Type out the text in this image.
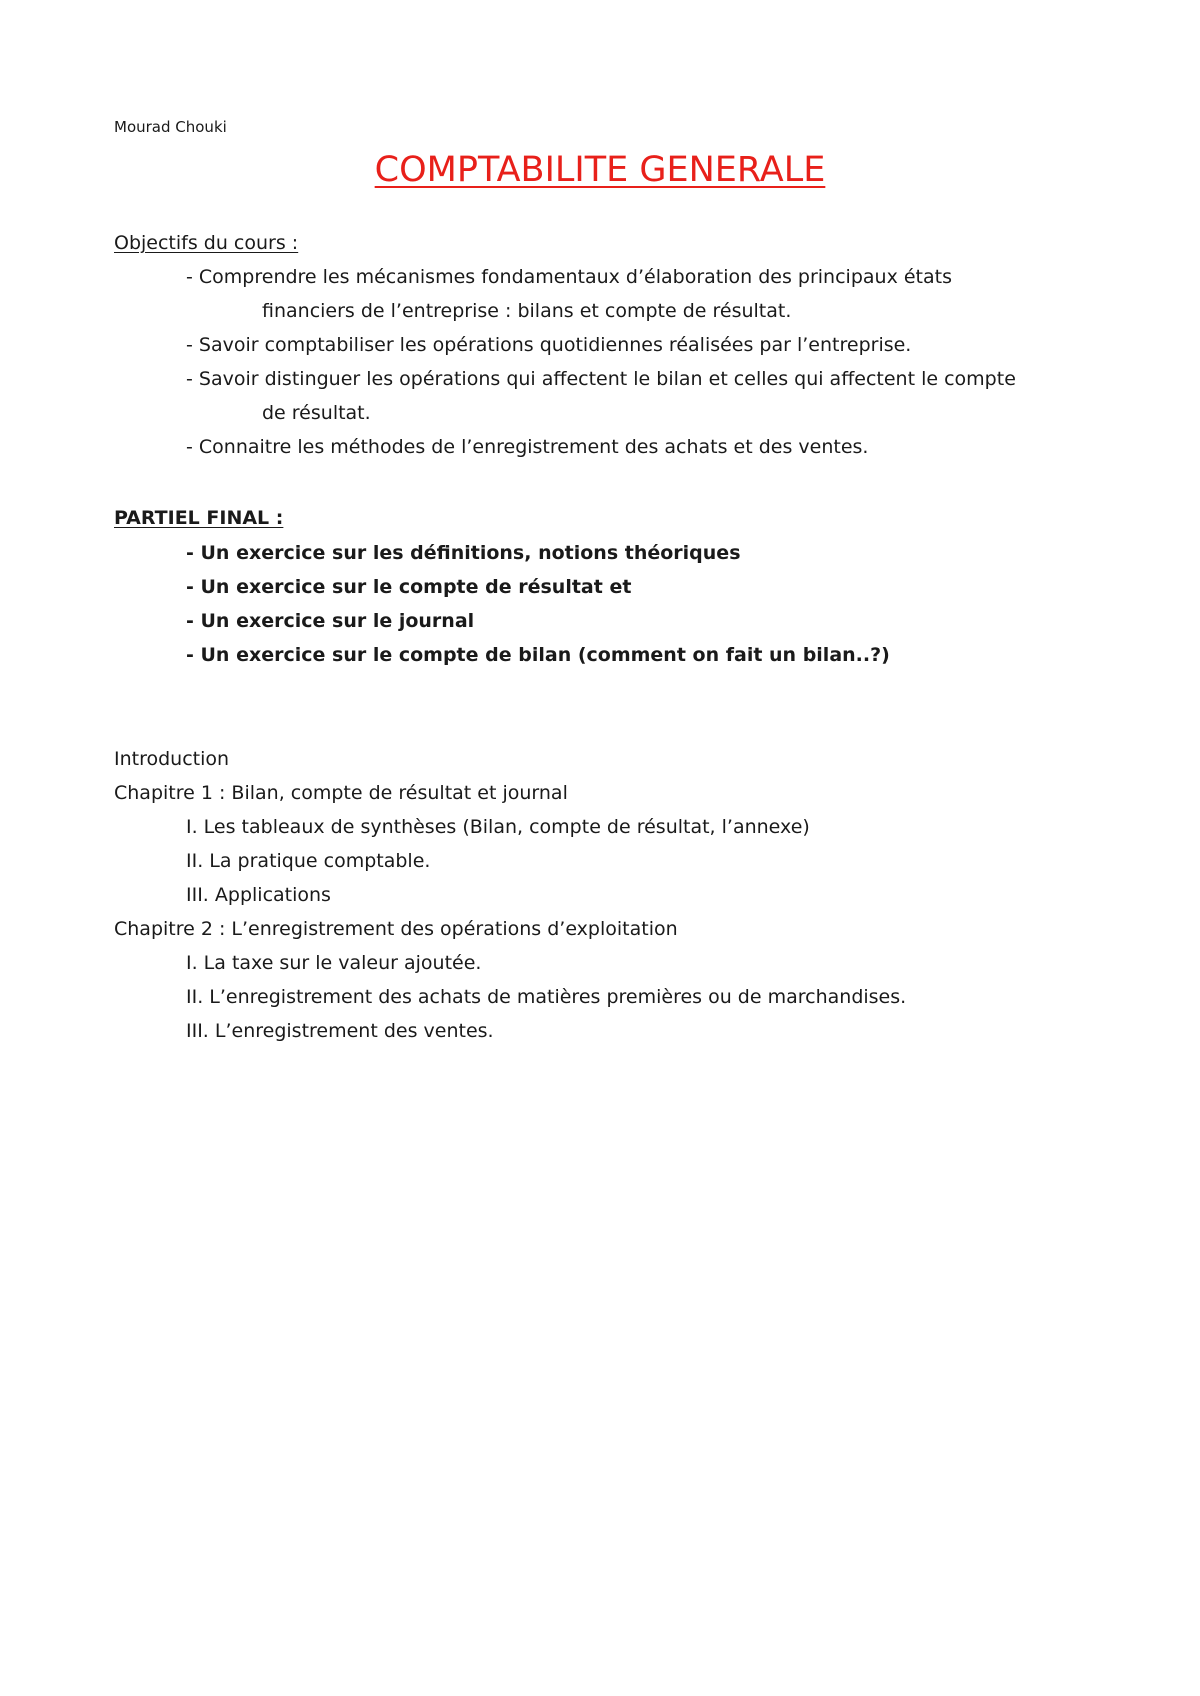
Mourad Chouki
COMPTABILITE GENERALE
Objectifs du cours :
- Comprendre les mécanismes fondamentaux d’élaboration des principaux états
financiers de l’entreprise : bilans et compte de résultat.
- Savoir comptabiliser les opérations quotidiennes réalisées par l’entreprise.
- Savoir distinguer les opérations qui affectent le bilan et celles qui affectent le compte
de résultat.
- Connaitre les méthodes de l’enregistrement des achats et des ventes.
PARTIEL FINAL :
- Un exercice sur les définitions, notions théoriques
- Un exercice sur le compte de résultat et
- Un exercice sur le journal
- Un exercice sur le compte de bilan (comment on fait un bilan..?)
Introduction
Chapitre 1 : Bilan, compte de résultat et journal
I. Les tableaux de synthèses (Bilan, compte de résultat, l’annexe)
II. La pratique comptable.
III. Applications
Chapitre 2 : L’enregistrement des opérations d’exploitation
I. La taxe sur le valeur ajoutée.
II. L’enregistrement des achats de matières premières ou de marchandises.
III. L’enregistrement des ventes.
